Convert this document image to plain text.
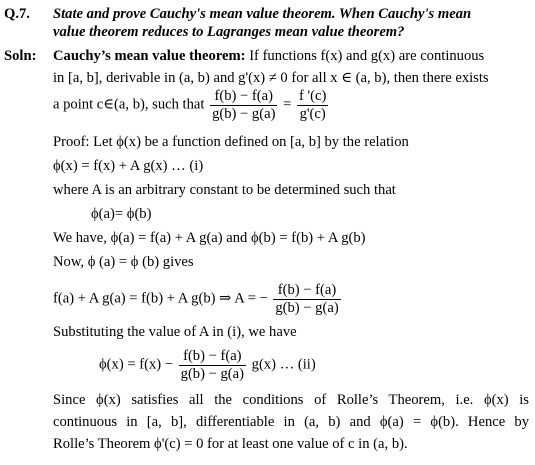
Q.7. State and prove Cauchy's mean value theorem. When Cauchy's mean
value theorem reduces to Lagranges mean value theorem?
Soln: Cauchy’s mean value theorem: If functions f(x) and g(x) are continuous
in [a, b], derivable in (a, b) and g'(x) ≠ 0 for all x ∈ (a, b), then there exists
a point c∈(a, b), such that $\frac{f(b) - f(a)}{g(b) - g(a)} = \frac{f '(c)}{g'(c)}$
Proof: Let ϕ(x) be a function defined on [a, b] by the relation
ϕ(x) = f(x) + A g(x) … (i)
where A is an arbitrary constant to be determined such that
ϕ(a)= ϕ(b)
We have, ϕ(a) = f(a) + A g(a) and ϕ(b) = f(b) + A g(b)
Now, ϕ (a) = ϕ (b) gives
f(a) + A g(a) = f(b) + A g(b) ⇒ A = − $\frac{f(b) - f(a)}{g(b) - g(a)}$
Substituting the value of A in (i), we have
$\phi(x) = f(x) - \frac{f(b) - f(a)}{g(b) - g(a)} g(x)$ … (ii)
Since ϕ(x) satisfies all the conditions of Rolle’s Theorem, i.e. ϕ(x) is
continuous in [a, b], differentiable in (a, b) and ϕ(a) = ϕ(b). Hence by
Rolle’s Theorem ϕ'(c) = 0 for at least one value of c in (a, b).
